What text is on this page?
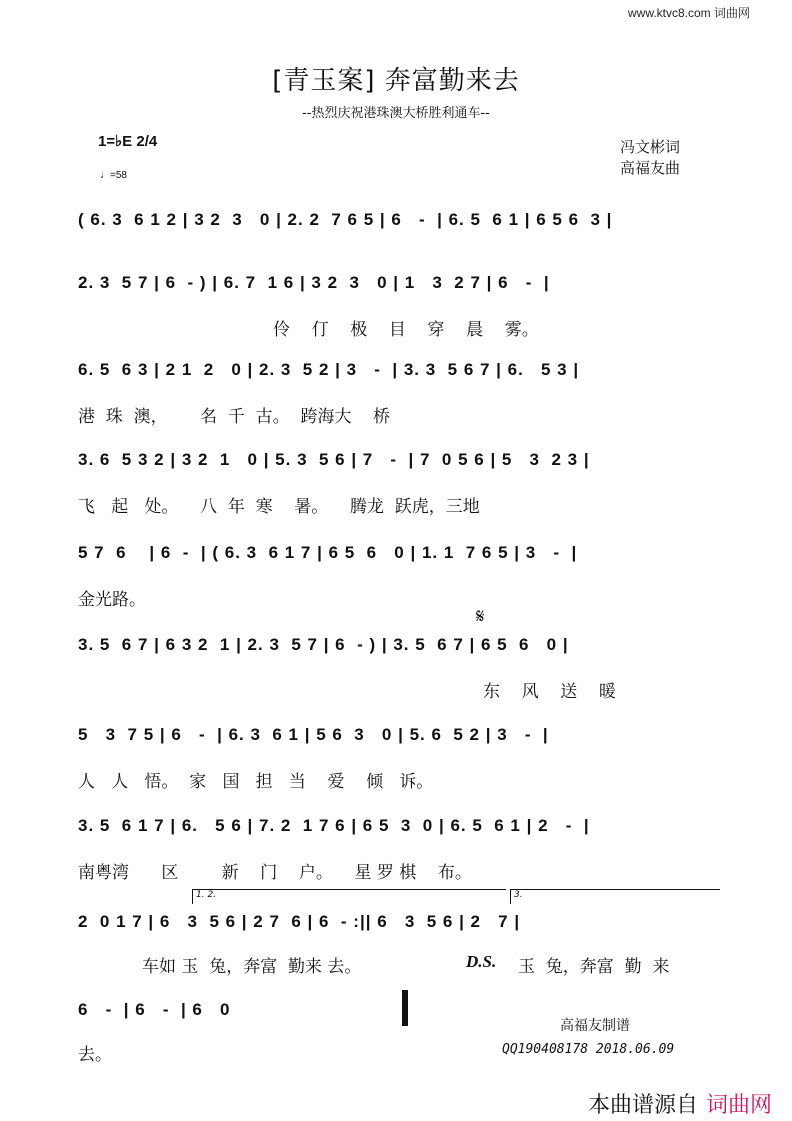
www.ktvc8.com 词曲网
[青玉案] 奔富勤来去
--热烈庆祝港珠澳大桥胜利通车--
1=♭E 2/4
♩=58
冯文彬词
高福友曲
( 6. 3  6 1 2 | 3 2  3   0 | 2. 2  7 6 5 | 6   -  | 6. 5  6 1 | 6 5 6  3 |
2. 3  5 7 | 6  - ) | 6. 7  1 6 | 3 2  3   0 | 1   3  2 7 | 6   -  |
伶    仃    极    目    穿    晨    雾。
6. 5  6 3 | 2 1  2   0 | 2. 3  5 2 | 3   -  | 3. 3  5 6 7 | 6.   5 3 |
港  珠  澳，      名  千  古。  跨海大    桥
3. 6  5 3 2 | 3 2  1   0 | 5. 3  5 6 | 7   -  | 7  0 5 6 | 5   3  2 3 |
飞   起   处。    八  年  寒    暑。    腾龙  跃虎，三地
5 7  6    | 6  -  | ( 6. 3  6 1 7 | 6 5  6   0 | 1. 1  7 6 5 | 3   -  |
金光路。
𝄋
3. 5  6 7 | 6 3 2  1 | 2. 3  5 7 | 6  - ) | 3. 5  6 7 | 6 5  6   0 |
东    风    送    暖
5   3  7 5 | 6   -  | 6. 3  6 1 | 5 6  3   0 | 5. 6  5 2 | 3   -  |
人   人   悟。  家   国   担   当    爱    倾   诉。
3. 5  6 1 7 | 6.   5 6 | 7. 2  1 7 6 | 6 5  3  0 | 6. 5  6 1 | 2   -  |
南粤湾      区        新    门    户。    星 罗 棋    布。
1. 2.	3.
2  0 1 7 | 6   3  5 6 | 2 7  6 | 6  - :|| 6   3  5 6 | 2   7 |
车如 玉  兔，奔富  勤来 去。	D.S. 玉  兔，奔富  勤  来
6   -  | 6   -  | 6   0
去。
高福友制谱
QQ190408178 2018.06.09
本曲谱源自 词曲网
